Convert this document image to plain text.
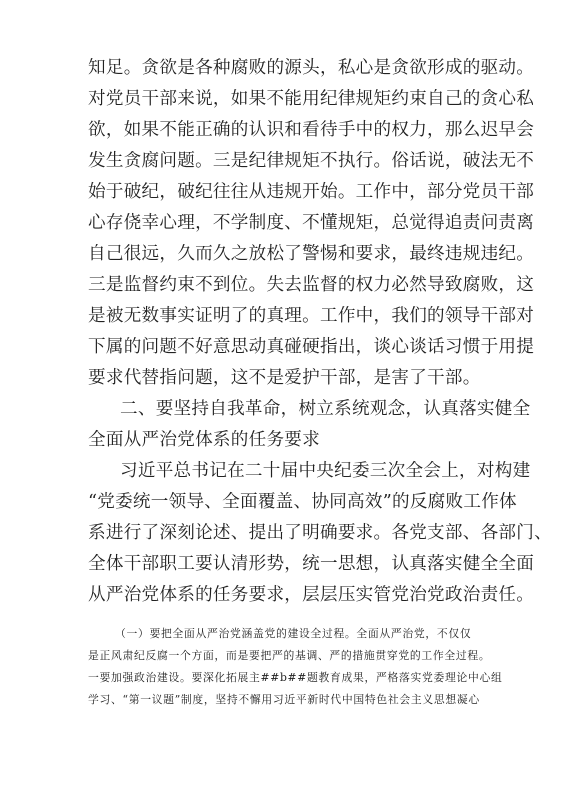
知足。贪欲是各种腐败的源头，私心是贪欲形成的驱动。
对党员干部来说，如果不能用纪律规矩约束自己的贪心私
欲，如果不能正确的认识和看待手中的权力，那么迟早会
发生贪腐问题。三是纪律规矩不执行。俗话说，破法无不
始于破纪，破纪往往从违规开始。工作中，部分党员干部
心存侥幸心理，不学制度、不懂规矩，总觉得追责问责离
自己很远，久而久之放松了警惕和要求，最终违规违纪。
三是监督约束不到位。失去监督的权力必然导致腐败，这
是被无数事实证明了的真理。工作中，我们的领导干部对
下属的问题不好意思动真碰硬指出，谈心谈话习惯于用提
要求代替指问题，这不是爱护干部，是害了干部。
二、要坚持自我革命，树立系统观念，认真落实健全
全面从严治党体系的任务要求
习近平总书记在二十届中央纪委三次全会上，对构建
“党委统一领导、全面覆盖、协同高效”的反腐败工作体
系进行了深刻论述、提出了明确要求。各党支部、各部门、
全体干部职工要认清形势，统一思想，认真落实健全全面
从严治党体系的任务要求，层层压实管党治党政治责任。
（一）要把全面从严治党涵盖党的建设全过程。全面从严治党，不仅仅
是正风肃纪反腐一个方面，而是要把严的基调、严的措施贯穿党的工作全过程。
一要加强政治建设。要深化拓展主##b##题教育成果，严格落实党委理论中心组
学习、“第一议题”制度，坚持不懈用习近平新时代中国特色社会主义思想凝心
